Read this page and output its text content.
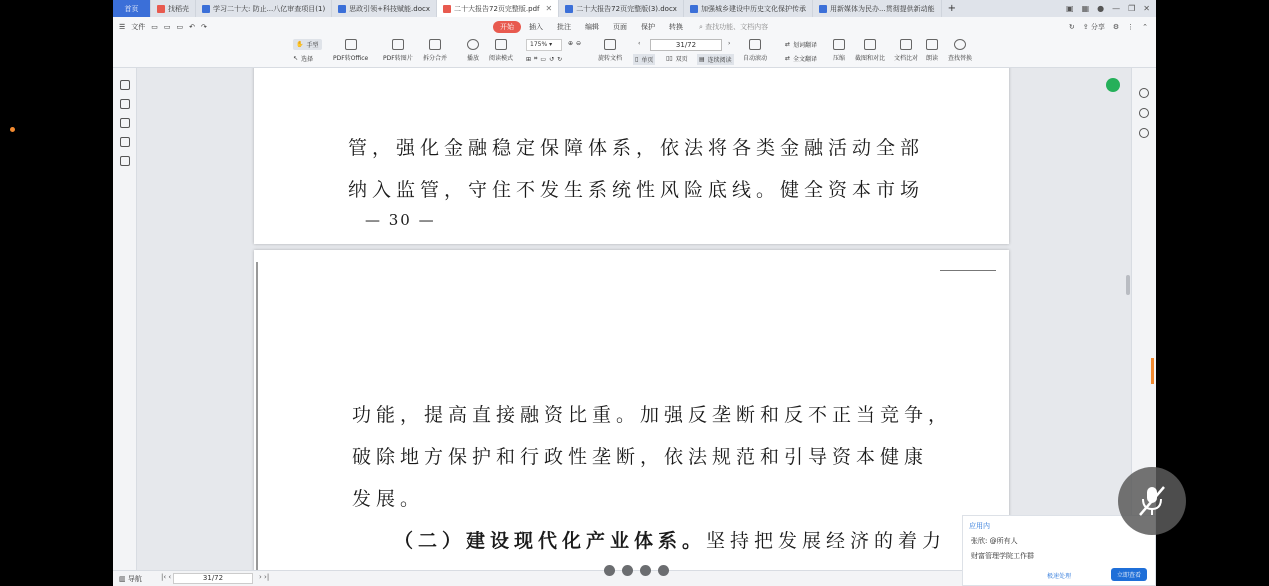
首页	找稻壳	学习二十大: 防止...八亿审查项目(1)	思政引领+科技赋能.docx	二十大报告72页完整版.pdf ✕	二十大报告72页完整版(3).docx	加强城乡建设中历史文化保护传承	用新媒体为民办...贯彻提供新动能	+	▣ ▦ ● — ❐ ✕
☰ 文件 ▭ ▭ ▭ ↶ ↷	开始	插入	批注	编辑	页面	保护	转换	⌕ 查找功能、文档内容	↻ ⇪ 分享 ⚙ ⋮ ⌃
✋ 手型
↖ 选择	PDF转Office PDF转图片 拆分合并	播放 阅读模式
175% ▾	⊕ ⊖
⊞ ⌗ ▭ ↺ ↻
‹	31/72	›
旋转文档 ▯ 单页 ▯▯ 双页 ▤ 连续阅读 自动滚动
⇄ 划词翻译
⇄ 全文翻译	压缩 截图和对比 文档比对 朗读 查找替换
管，强化金融稳定保障体系，依法将各类金融活动全部
纳入监管，守住不发生系统性风险底线。健全资本市场
— 30 —
功能，提高直接融资比重。加强反垄断和反不正当竞争，
破除地方保护和行政性垄断，依法规范和引导资本健康
发展。
（二）建设现代化产业体系。坚持把发展经济的着力
▥ 导航	|‹ ‹	31/72	› ›|
应用内
张欣: @所有人
财富管理学院工作群
极速处理	立即查看
